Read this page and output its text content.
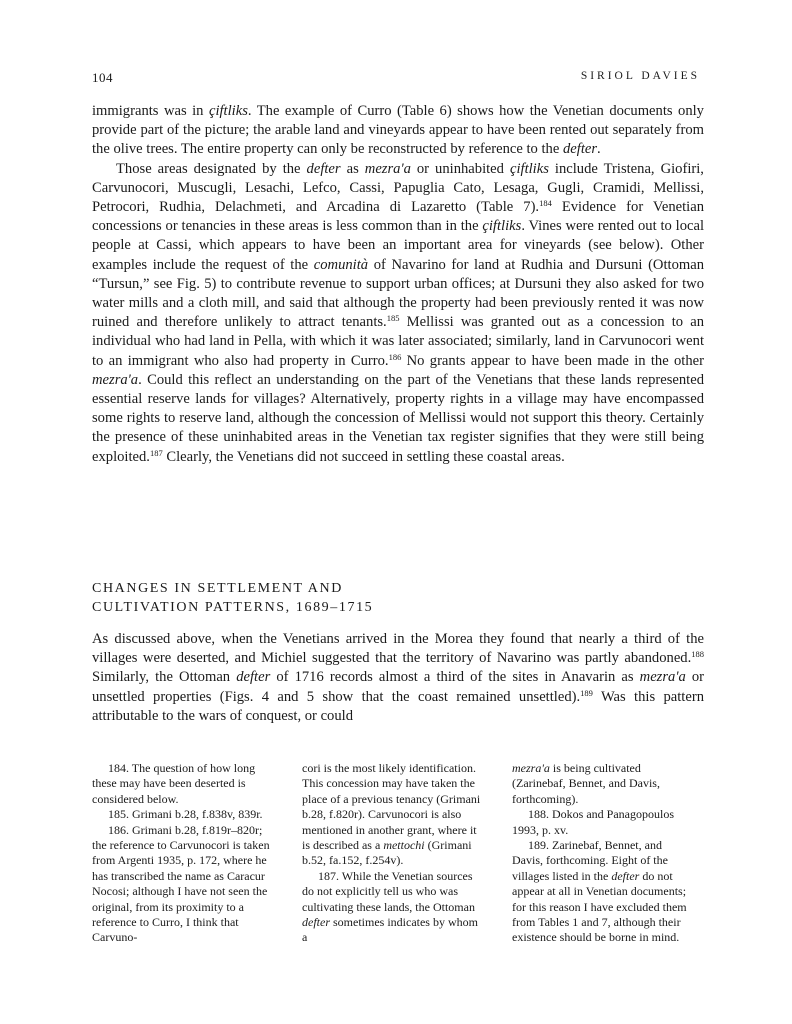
104	SIRIOL DAVIES

immigrants was in çiftliks. The example of Curro (Table 6) shows how the Venetian documents only provide part of the picture; the arable land and vineyards appear to have been rented out separately from the olive trees. The entire property can only be reconstructed by reference to the defter.

Those areas designated by the defter as mezra'a or uninhabited çiftliks include Tristena, Giofiri, Carvunocori, Muscugli, Lesachi, Lefco, Cassi, Papuglia Cato, Lesaga, Gugli, Cramidi, Mellissi, Petrocori, Rudhia, Delachmeti, and Arcadina di Lazaretto (Table 7).$^{184}$ Evidence for Venetian concessions or tenancies in these areas is less common than in the çiftliks. Vines were rented out to local people at Cassi, which appears to have been an important area for vineyards (see below). Other examples include the request of the comunità of Navarino for land at Rudhia and Dursuni (Ottoman “Tursun,” see Fig. 5) to contribute revenue to support urban offices; at Dursuni they also asked for two water mills and a cloth mill, and said that although the property had been previously rented it was now ruined and therefore unlikely to attract tenants.$^{185}$ Mellissi was granted out as a concession to an individual who had land in Pella, with which it was later associated; similarly, land in Carvunocori went to an immigrant who also had property in Curro.$^{186}$ No grants appear to have been made in the other mezra'a. Could this reflect an understanding on the part of the Venetians that these lands represented essential reserve lands for villages? Alternatively, property rights in a village may have encompassed some rights to reserve land, although the concession of Mellissi would not support this theory. Certainly the presence of these uninhabited areas in the Venetian tax register signifies that they were still being exploited.$^{187}$ Clearly, the Venetians did not succeed in settling these coastal areas.

CHANGES IN SETTLEMENT AND
CULTIVATION PATTERNS, 1689–1715

As discussed above, when the Venetians arrived in the Morea they found that nearly a third of the villages were deserted, and Michiel suggested that the territory of Navarino was partly abandoned.$^{188}$ Similarly, the Ottoman defter of 1716 records almost a third of the sites in Anavarin as mezra'a or unsettled properties (Figs. 4 and 5 show that the coast remained unsettled).$^{189}$ Was this pattern attributable to the wars of conquest, or could

184. The question of how long these may have been deserted is considered below.

185. Grimani b.28, f.838v, 839r.

186. Grimani b.28, f.819r–820r; the reference to Carvunocori is taken from Argenti 1935, p. 172, where he has transcribed the name as Caracur Nocosi; although I have not seen the original, from its proximity to a reference to Curro, I think that Carvuno-

cori is the most likely identification. This concession may have taken the place of a previous tenancy (Grimani b.28, f.820r). Carvunocori is also mentioned in another grant, where it is described as a mettochi (Grimani b.52, fa.152, f.254v).

187. While the Venetian sources do not explicitly tell us who was cultivating these lands, the Ottoman defter sometimes indicates by whom a

mezra'a is being cultivated (Zarinebaf, Bennet, and Davis, forthcoming).

188. Dokos and Panagopoulos 1993, p. xv.

189. Zarinebaf, Bennet, and Davis, forthcoming. Eight of the villages listed in the defter do not appear at all in Venetian documents; for this reason I have excluded them from Tables 1 and 7, although their existence should be borne in mind.
